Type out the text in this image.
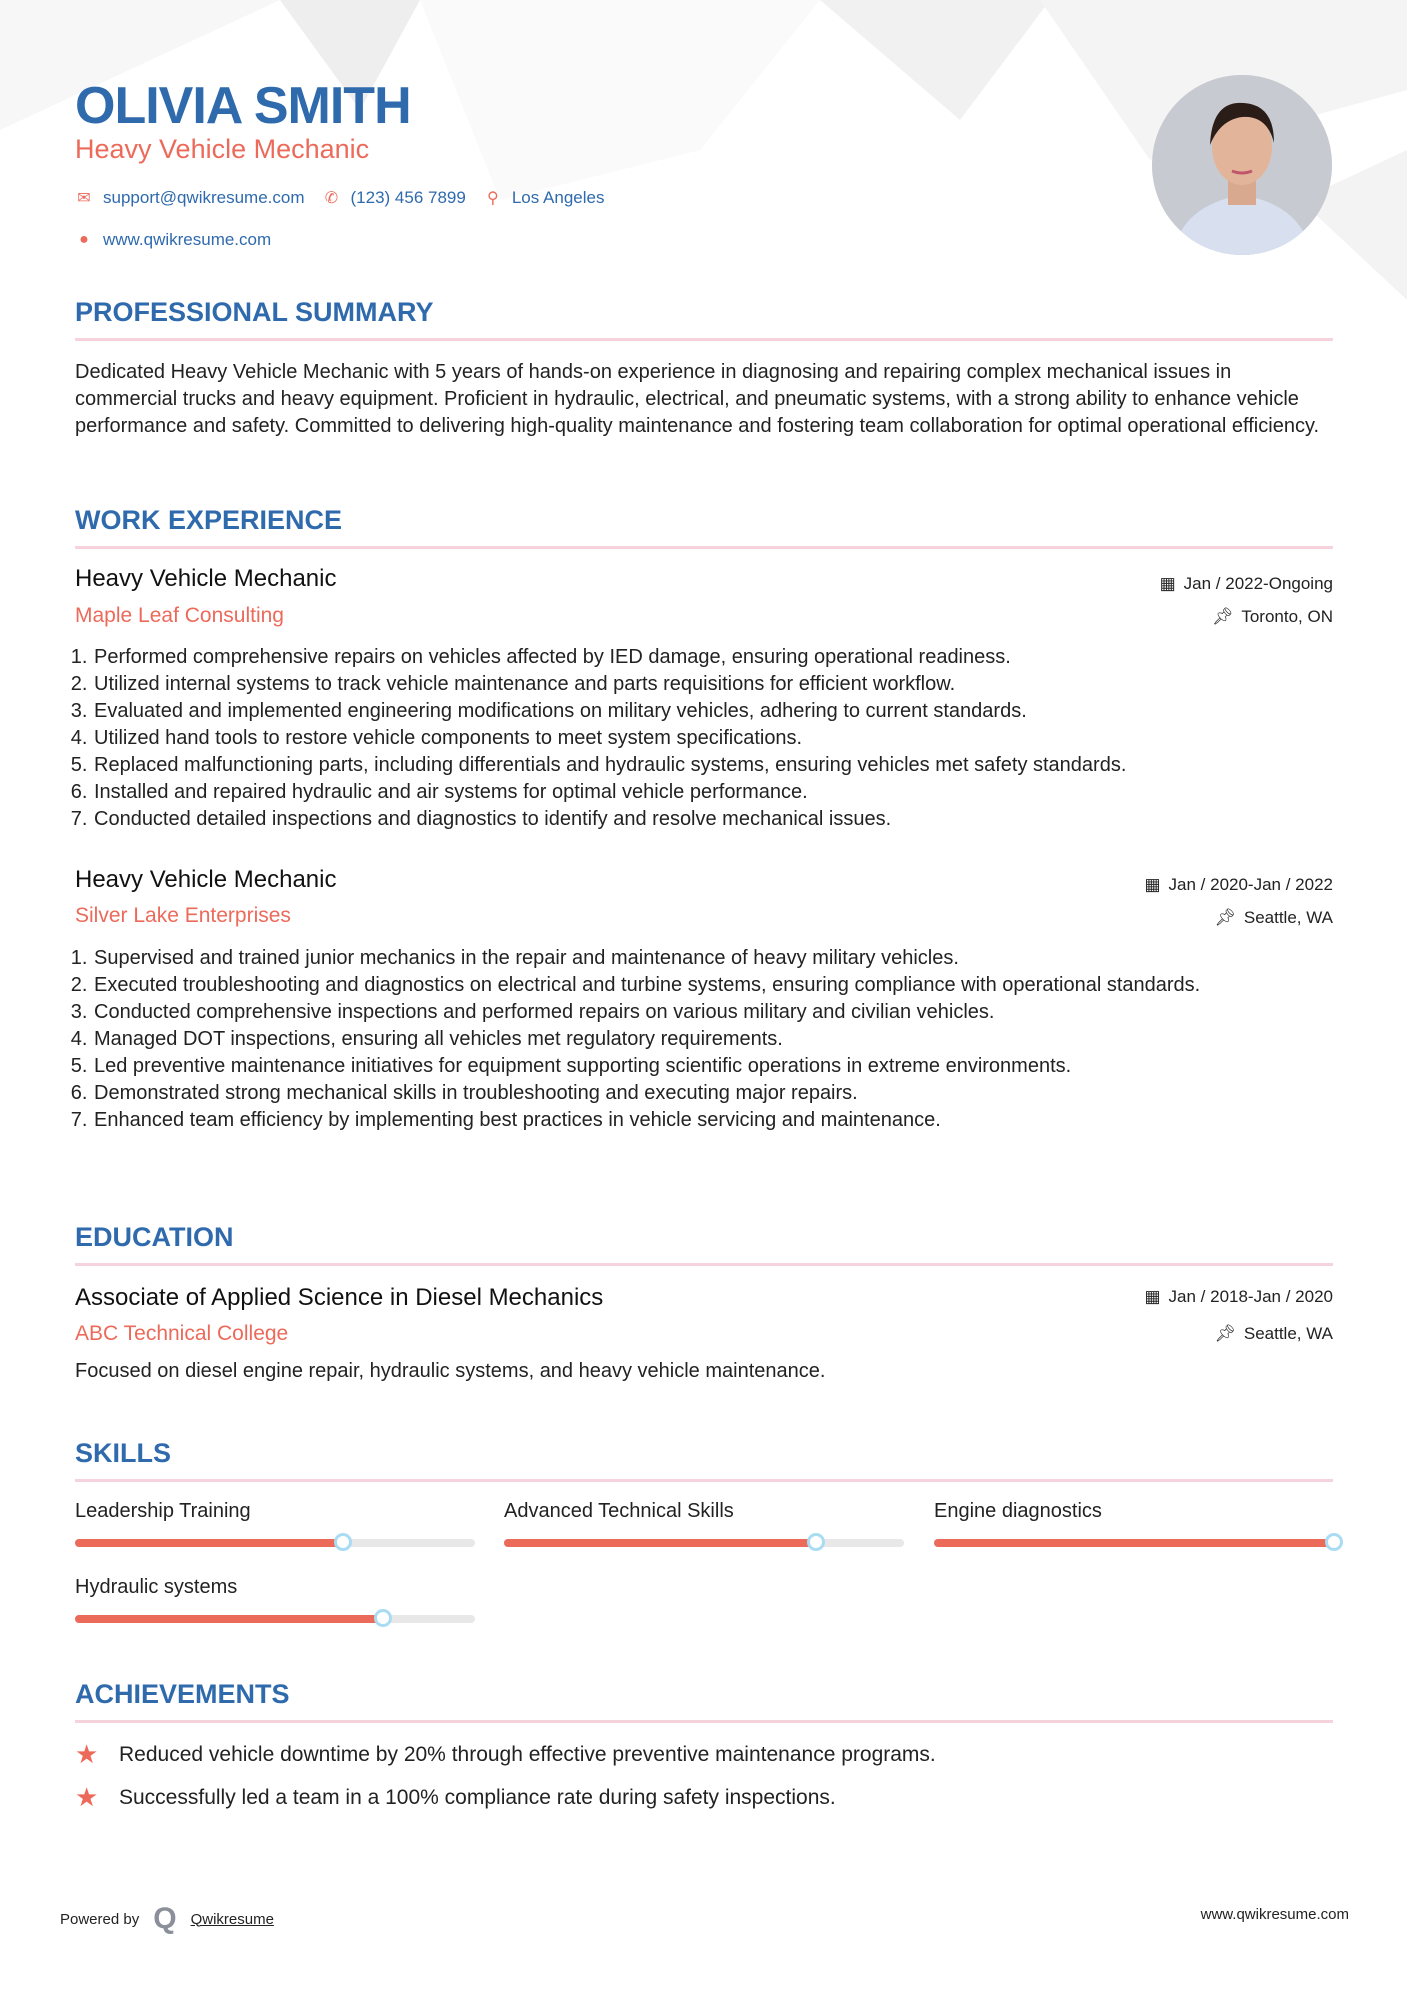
OLIVIA SMITH
Heavy Vehicle Mechanic
✉ support@qwikresume.com ✆ (123) 456 7899 ⚲ Los Angeles
● www.qwikresume.com
PROFESSIONAL SUMMARY
Dedicated Heavy Vehicle Mechanic with 5 years of hands-on experience in diagnosing and repairing complex mechanical issues in commercial trucks and heavy equipment. Proficient in hydraulic, electrical, and pneumatic systems, with a strong ability to enhance vehicle performance and safety. Committed to delivering high-quality maintenance and fostering team collaboration for optimal operational efficiency.
WORK EXPERIENCE
Heavy Vehicle Mechanic	▦ Jan / 2022-Ongoing
Maple Leaf Consulting	📌︎ Toronto, ON
1. Performed comprehensive repairs on vehicles affected by IED damage, ensuring operational readiness.
2. Utilized internal systems to track vehicle maintenance and parts requisitions for efficient workflow.
3. Evaluated and implemented engineering modifications on military vehicles, adhering to current standards.
4. Utilized hand tools to restore vehicle components to meet system specifications.
5. Replaced malfunctioning parts, including differentials and hydraulic systems, ensuring vehicles met safety standards.
6. Installed and repaired hydraulic and air systems for optimal vehicle performance.
7. Conducted detailed inspections and diagnostics to identify and resolve mechanical issues.
Heavy Vehicle Mechanic	▦ Jan / 2020-Jan / 2022
Silver Lake Enterprises	📌︎ Seattle, WA
1. Supervised and trained junior mechanics in the repair and maintenance of heavy military vehicles.
2. Executed troubleshooting and diagnostics on electrical and turbine systems, ensuring compliance with operational standards.
3. Conducted comprehensive inspections and performed repairs on various military and civilian vehicles.
4. Managed DOT inspections, ensuring all vehicles met regulatory requirements.
5. Led preventive maintenance initiatives for equipment supporting scientific operations in extreme environments.
6. Demonstrated strong mechanical skills in troubleshooting and executing major repairs.
7. Enhanced team efficiency by implementing best practices in vehicle servicing and maintenance.
EDUCATION
Associate of Applied Science in Diesel Mechanics	▦ Jan / 2018-Jan / 2020
ABC Technical College	📌︎ Seattle, WA
Focused on diesel engine repair, hydraulic systems, and heavy vehicle maintenance.
SKILLS
Leadership Training	Advanced Technical Skills	Engine diagnostics
Hydraulic systems
ACHIEVEMENTS
★ Reduced vehicle downtime by 20% through effective preventive maintenance programs.
★ Successfully led a team in a 100% compliance rate during safety inspections.
Powered by Q Qwikresume	www.qwikresume.com
